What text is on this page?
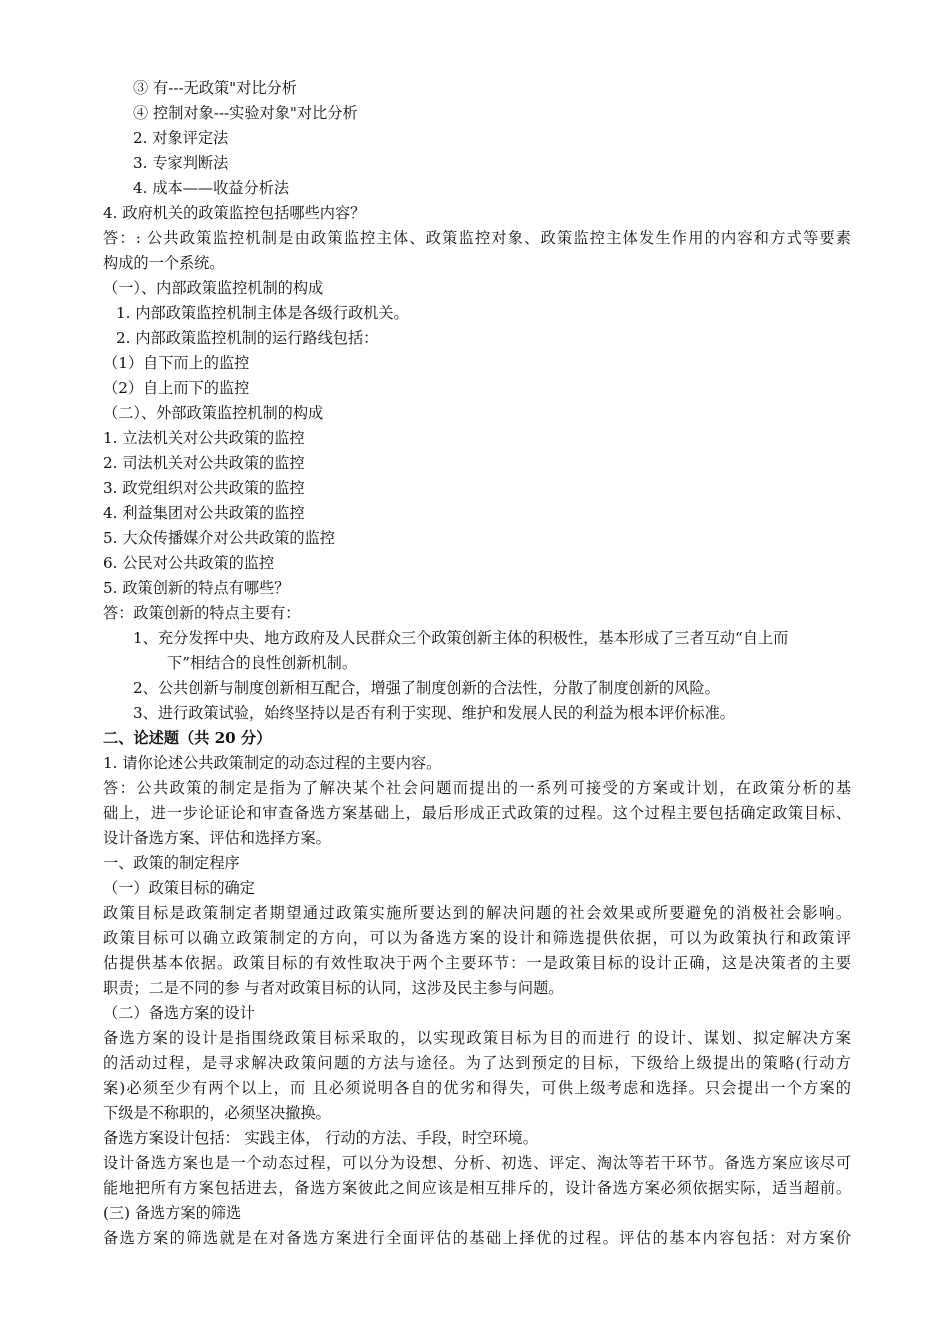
③ 有---无政策"对比分析
④ 控制对象---实验对象"对比分析
2. 对象评定法
3. 专家判断法
4. 成本——收益分析法
4. 政府机关的政策监控包括哪些内容？
答：: 公共政策监控机制是由政策监控主体、政策监控对象、政策监控主体发生作用的内容和方式等要素
构成的一个系统。
（一）、内部政策监控机制的构成
1. 内部政策监控机制主体是各级行政机关。
2. 内部政策监控机制的运行路线包括：
（1）自下而上的监控
（2）自上而下的监控
（二）、外部政策监控机制的构成
1. 立法机关对公共政策的监控
2. 司法机关对公共政策的监控
3. 政党组织对公共政策的监控
4. 利益集团对公共政策的监控
5. 大众传播媒介对公共政策的监控
6. 公民对公共政策的监控
5. 政策创新的特点有哪些？
答：政策创新的特点主要有：
1、充分发挥中央、地方政府及人民群众三个政策创新主体的积极性，基本形成了三者互动“自上而
下”相结合的良性创新机制。
2、公共创新与制度创新相互配合，增强了制度创新的合法性，分散了制度创新的风险。
3、进行政策试验，始终坚持以是否有利于实现、维护和发展人民的利益为根本评价标准。
二、论述题（共 20 分）
1. 请你论述公共政策制定的动态过程的主要内容。
答：公共政策的制定是指为了解决某个社会问题而提出的一系列可接受的方案或计划，在政策分析的基
础上，进一步论证论和审查备选方案基础上，最后形成正式政策的过程。这个过程主要包括确定政策目标、
设计备选方案、评估和选择方案。
一、政策的制定程序
（一）政策目标的确定
政策目标是政策制定者期望通过政策实施所要达到的解决问题的社会效果或所要避免的消极社会影响。
政策目标可以确立政策制定的方向，可以为备选方案的设计和筛选提供依据，可以为政策执行和政策评
估提供基本依据。政策目标的有效性取决于两个主要环节：一是政策目标的设计正确，这是决策者的主要
职责；二是不同的参 与者对政策目标的认同，这涉及民主参与问题。
（二）备选方案的设计
备选方案的设计是指围绕政策目标采取的，以实现政策目标为目的而进行 的设计、谋划、拟定解决方案
的活动过程，是寻求解决政策问题的方法与途径。为了达到预定的目标，下级给上级提出的策略(行动方
案)必须至少有两个以上，而 且必须说明各自的优劣和得失，可供上级考虑和选择。只会提出一个方案的
下级是不称职的，必须坚决撤换。
备选方案设计包括： 实践主体， 行动的方法、手段，时空环境。
设计备选方案也是一个动态过程，可以分为设想、分析、初选、评定、淘汰等若干环节。备选方案应该尽可
能地把所有方案包括进去，备选方案彼此之间应该是相互排斥的，设计备选方案必须依据实际，适当超前。
(三) 备选方案的筛选
备选方案的筛选就是在对备选方案进行全面评估的基础上择优的过程。评估的基本内容包括：对方案价
